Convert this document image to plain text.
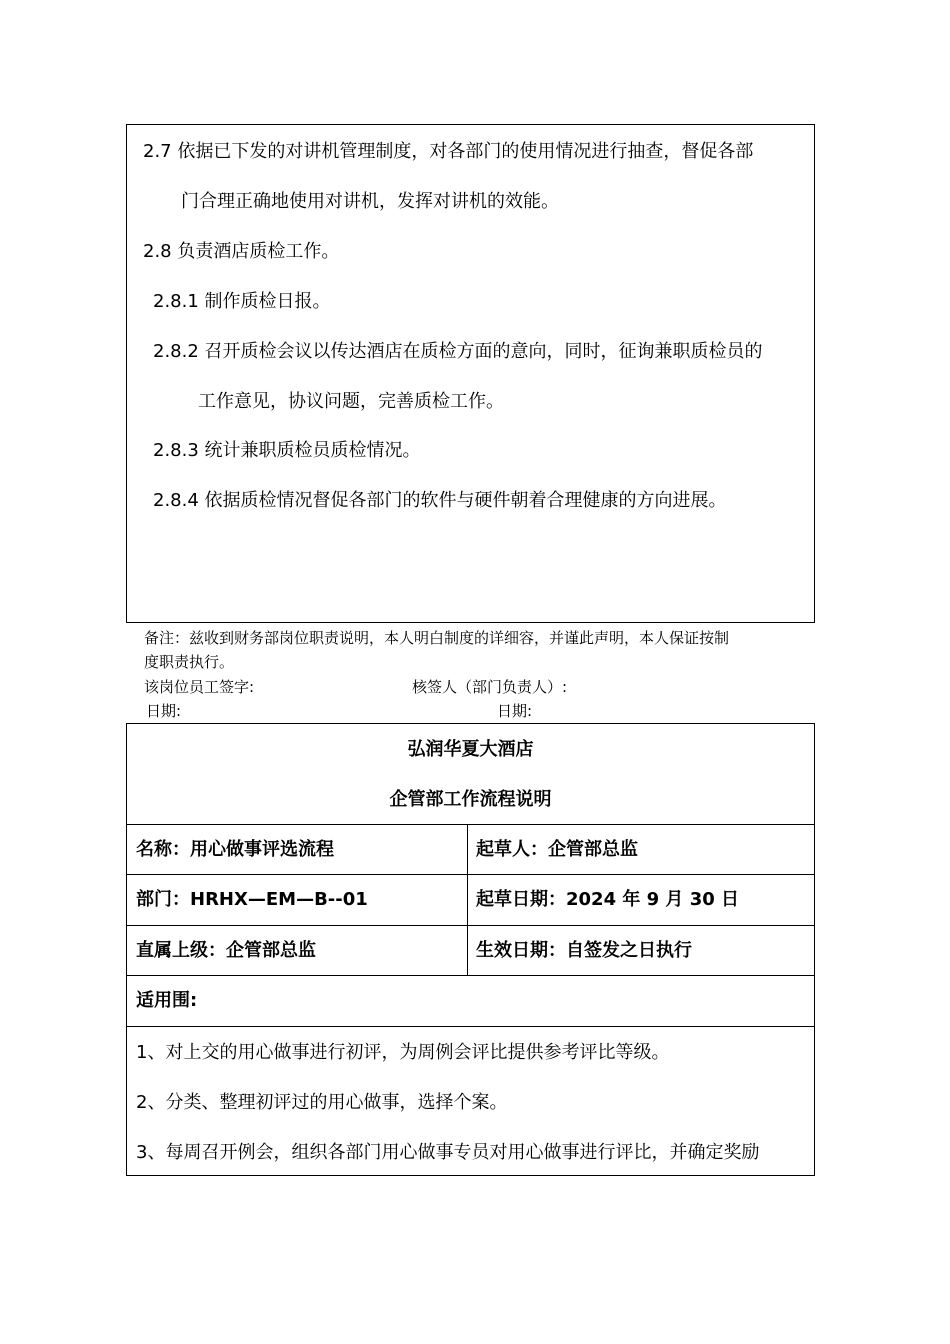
2.7 依据已下发的对讲机管理制度，对各部门的使用情况进行抽查，督促各部
门合理正确地使用对讲机，发挥对讲机的效能。
2.8 负责酒店质检工作。
2.8.1 制作质检日报。
2.8.2 召开质检会议以传达酒店在质检方面的意向，同时，征询兼职质检员的
工作意见，协议问题，完善质检工作。
2.8.3 统计兼职质检员质检情况。
2.8.4 依据质检情况督促各部门的软件与硬件朝着合理健康的方向进展。
备注：兹收到财务部岗位职责说明，本人明白制度的详细容，并谨此声明，本人保证按制
度职责执行。
该岗位员工签字:	核签人（部门负责人）:
日期:	日期:
弘润华夏大酒店
企管部工作流程说明
名称：用心做事评选流程	起草人：企管部总监
部门：HRHX—EM—B--01	起草日期：2024 年 9 月 30 日
直属上级：企管部总监	生效日期：自签发之日执行
适用围:
1、对上交的用心做事进行初评，为周例会评比提供参考评比等级。
2、分类、整理初评过的用心做事，选择个案。
3、每周召开例会，组织各部门用心做事专员对用心做事进行评比，并确定奖励
